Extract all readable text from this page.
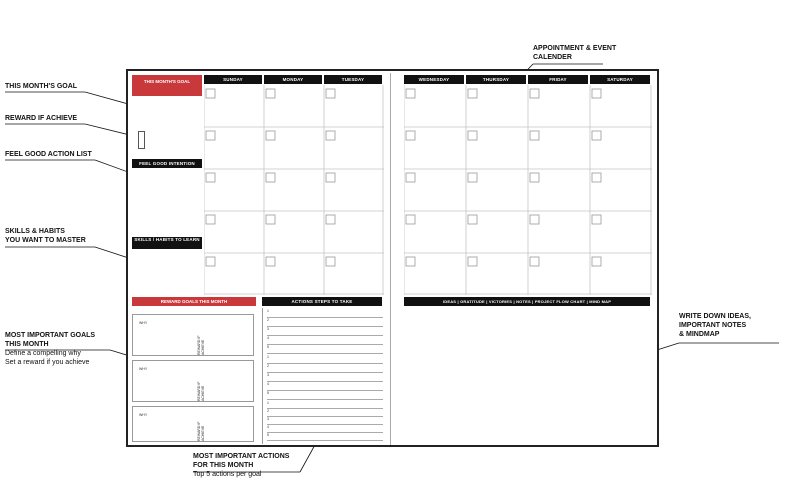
THIS MONTH'S GOAL
REWARD IF ACHIEVE
FEEL GOOD ACTION LIST
SKILLS & HABITS
YOU WANT TO MASTER
MOST IMPORTANT GOALS
THIS MONTH
Define a compelling why
Set a reward if you achieve
APPOINTMENT & EVENT
CALENDER
WRITE DOWN IDEAS,
IMPORTANT NOTES
& MINDMAP
MOST IMPORTANT ACTIONS
FOR THIS MONTH
Top 5 actions per goal
THIS MONTH'S GOAL
FEEL GOOD INTENTION
SKILLS / HABITS TO LEARN
SUNDAY	MONDAY	TUESDAY
REWARD GOALS THIS MONTH
WHY
REWARD IF ACHIEVE
WHY
REWARD IF ACHIEVE
WHY
REWARD IF ACHIEVE
ACTIONS STEPS TO TAKE
1
2
3
4
5
1
2
3
4
5
1
2
3
4
5
WEDNESDAY	THURSDAY	FRIDAY	SATURDAY
IDEAS | GRATITUDE | VICTORIES | NOTES | PROJECT FLOW CHART | MIND MAP
